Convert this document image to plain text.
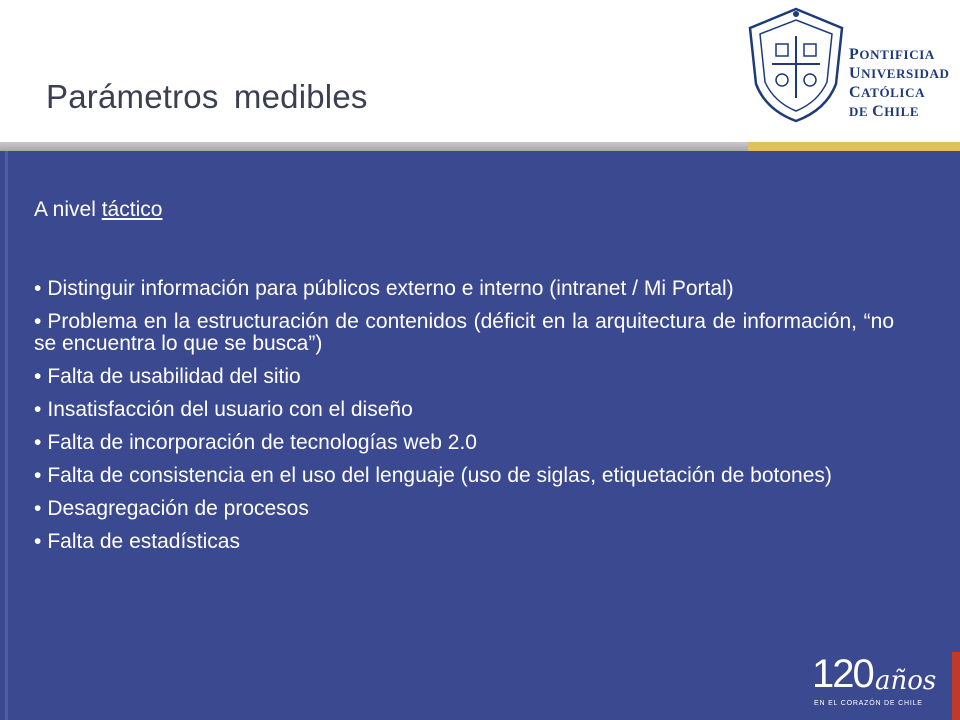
Parámetros medibles
PONTIFICIA
UNIVERSIDAD
CATÓLICA
DE CHILE
A nivel táctico
• Distinguir información para públicos externo e interno (intranet / Mi Portal)
• Problema en la estructuración de contenidos (déficit en la arquitectura de información, “no se encuentra lo que se busca”)
• Falta de usabilidad del sitio
• Insatisfacción del usuario con el diseño
• Falta de incorporación de tecnologías web 2.0
• Falta de consistencia en el uso del lenguaje (uso de siglas, etiquetación de botones)
• Desagregación de procesos
• Falta de estadísticas
120 años
EN EL CORAZÓN DE CHILE
